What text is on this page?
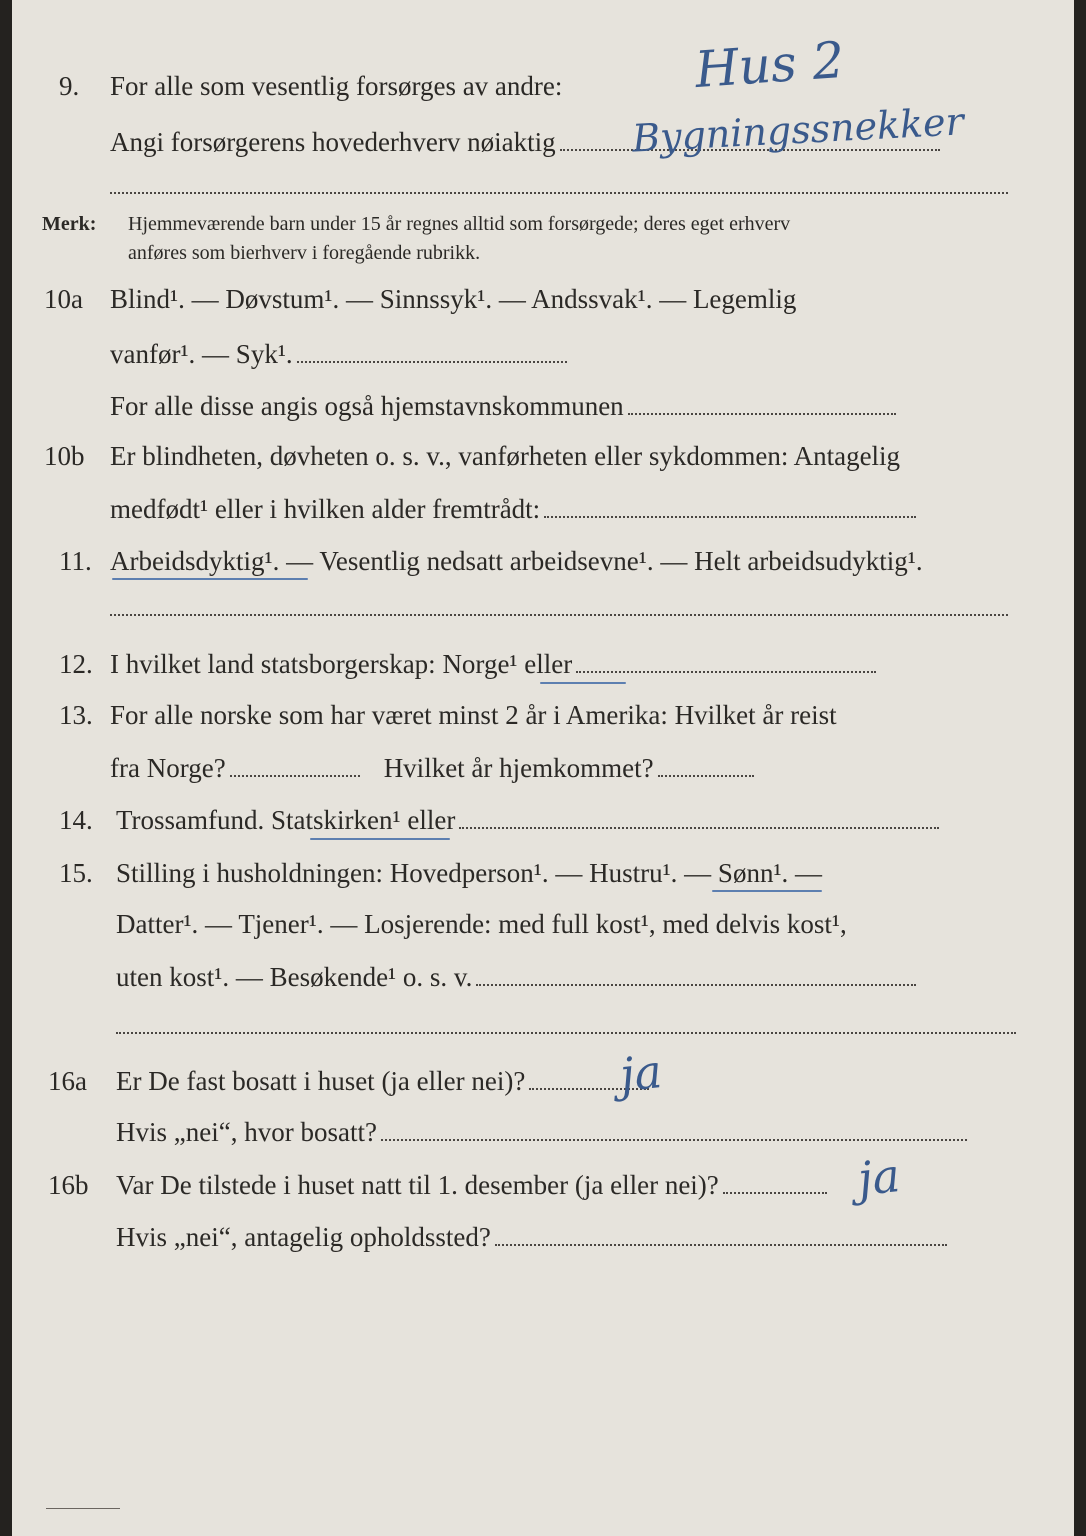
9. For alle som vesentlig forsørges av andre:	Hus 2
Angi forsørgerens hovederhverv nøiaktig	Bygningssnekker
Merk: Hjemmeværende barn under 15 år regnes alltid som forsørgede; deres eget erhverv
anføres som bierhverv i foregående rubrikk.
10a Blind¹. — Døvstum¹. — Sinnssyk¹. — Andssvak¹. — Legemlig
vanfør¹. — Syk¹.
For alle disse angis også hjemstavnskommunen
10b Er blindheten, døvheten o. s. v., vanførheten eller sykdommen: Antagelig
medfødt¹ eller i hvilken alder fremtrådt:
11. Arbeidsdyktig¹. — Vesentlig nedsatt arbeidsevne¹. — Helt arbeidsudyktig¹.
12. I hvilket land statsborgerskap: Norge¹ eller
13. For alle norske som har været minst 2 år i Amerika: Hvilket år reist
fra Norge?	Hvilket år hjemkommet?
14. Trossamfund. Statskirken¹ eller
15. Stilling i husholdningen: Hovedperson¹. — Hustru¹. — Sønn¹. —
Datter¹. — Tjener¹. — Losjerende: med full kost¹, med delvis kost¹,
uten kost¹. — Besøkende¹ o. s. v.
16a Er De fast bosatt i huset (ja eller nei)?	ja
Hvis „nei“, hvor bosatt?
16b Var De tilstede i huset natt til 1. desember (ja eller nei)?	ja
Hvis „nei“, antagelig opholdssted?
